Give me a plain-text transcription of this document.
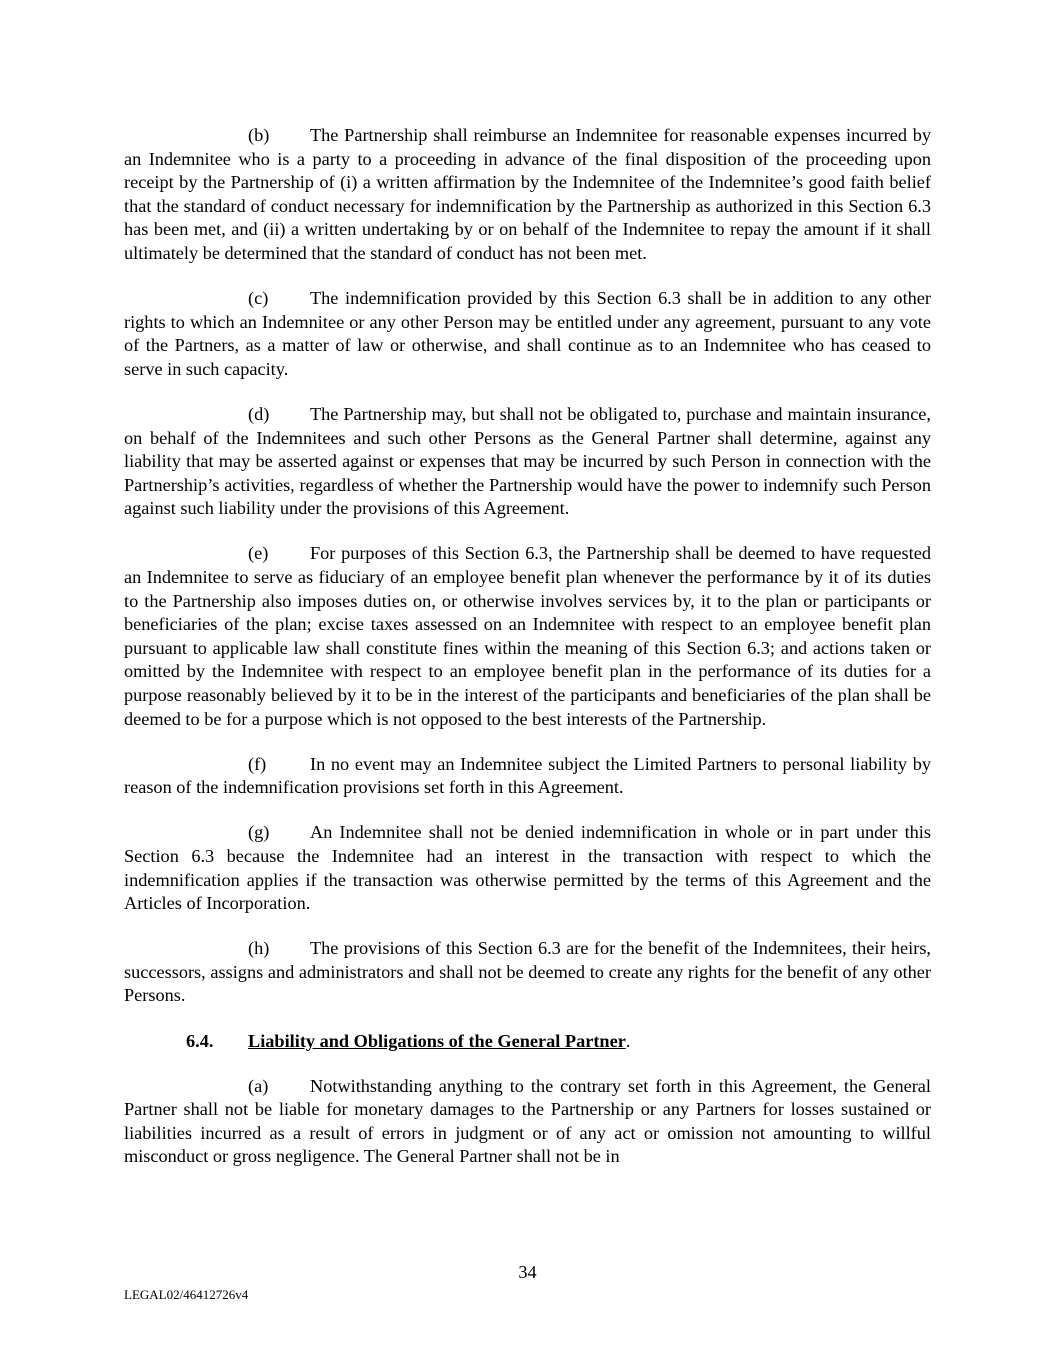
(b) The Partnership shall reimburse an Indemnitee for reasonable expenses incurred by an Indemnitee who is a party to a proceeding in advance of the final disposition of the proceeding upon receipt by the Partnership of (i) a written affirmation by the Indemnitee of the Indemnitee’s good faith belief that the standard of conduct necessary for indemnification by the Partnership as authorized in this Section 6.3 has been met, and (ii) a written undertaking by or on behalf of the Indemnitee to repay the amount if it shall ultimately be determined that the standard of conduct has not been met.

(c) The indemnification provided by this Section 6.3 shall be in addition to any other rights to which an Indemnitee or any other Person may be entitled under any agreement, pursuant to any vote of the Partners, as a matter of law or otherwise, and shall continue as to an Indemnitee who has ceased to serve in such capacity.

(d) The Partnership may, but shall not be obligated to, purchase and maintain insurance, on behalf of the Indemnitees and such other Persons as the General Partner shall determine, against any liability that may be asserted against or expenses that may be incurred by such Person in connection with the Partnership’s activities, regardless of whether the Partnership would have the power to indemnify such Person against such liability under the provisions of this Agreement.

(e) For purposes of this Section 6.3, the Partnership shall be deemed to have requested an Indemnitee to serve as fiduciary of an employee benefit plan whenever the performance by it of its duties to the Partnership also imposes duties on, or otherwise involves services by, it to the plan or participants or beneficiaries of the plan; excise taxes assessed on an Indemnitee with respect to an employee benefit plan pursuant to applicable law shall constitute fines within the meaning of this Section 6.3; and actions taken or omitted by the Indemnitee with respect to an employee benefit plan in the performance of its duties for a purpose reasonably believed by it to be in the interest of the participants and beneficiaries of the plan shall be deemed to be for a purpose which is not opposed to the best interests of the Partnership.

(f) In no event may an Indemnitee subject the Limited Partners to personal liability by reason of the indemnification provisions set forth in this Agreement.

(g) An Indemnitee shall not be denied indemnification in whole or in part under this Section 6.3 because the Indemnitee had an interest in the transaction with respect to which the indemnification applies if the transaction was otherwise permitted by the terms of this Agreement and the Articles of Incorporation.

(h) The provisions of this Section 6.3 are for the benefit of the Indemnitees, their heirs, successors, assigns and administrators and shall not be deemed to create any rights for the benefit of any other Persons.

6.4. Liability and Obligations of the General Partner.

(a) Notwithstanding anything to the contrary set forth in this Agreement, the General Partner shall not be liable for monetary damages to the Partnership or any Partners for losses sustained or liabilities incurred as a result of errors in judgment or of any act or omission not amounting to willful misconduct or gross negligence. The General Partner shall not be in

34
LEGAL02/46412726v4
